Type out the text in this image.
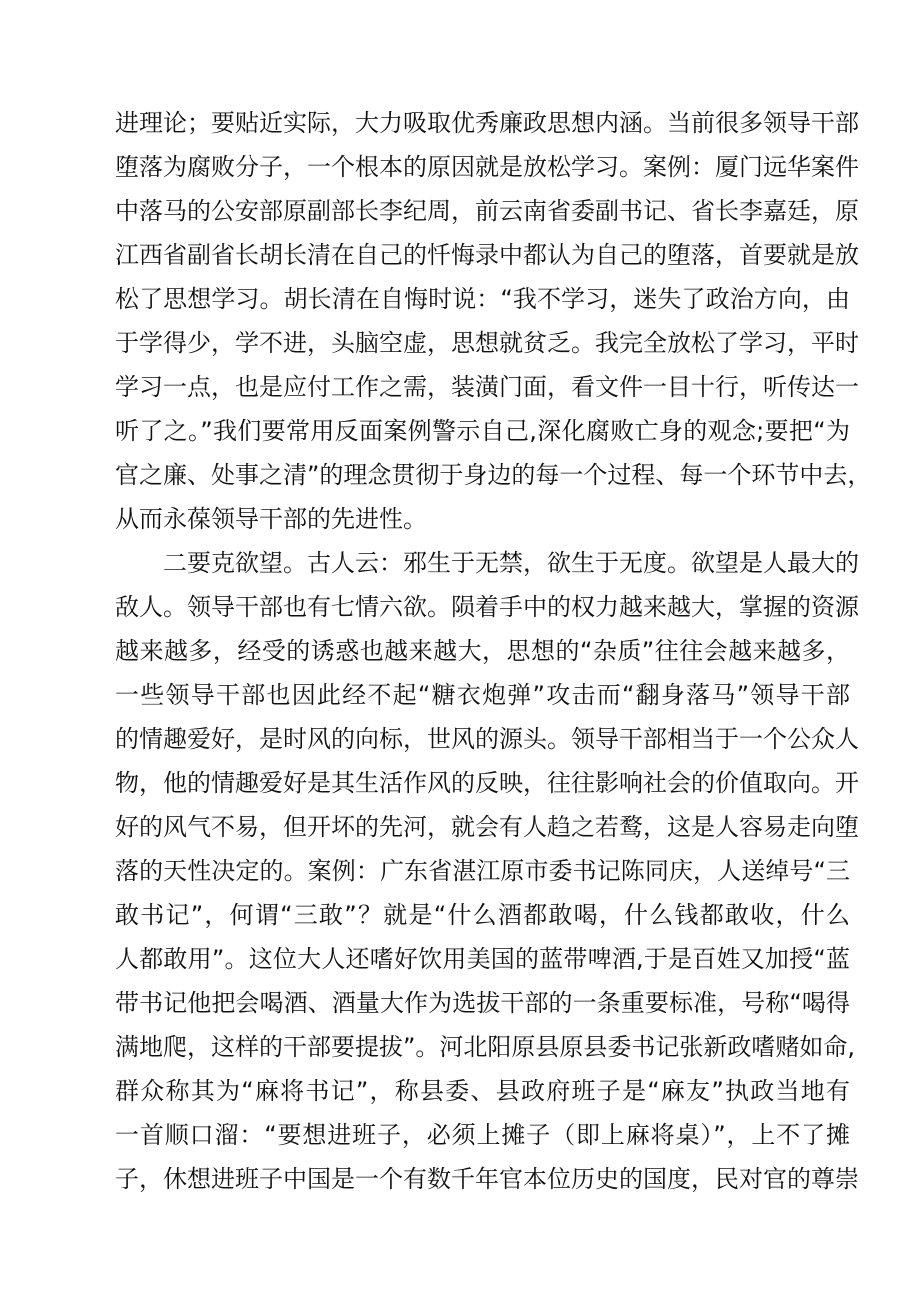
进理论；要贴近实际，大力吸取优秀廉政思想内涵。当前很多领导干部
堕落为腐败分子，一个根本的原因就是放松学习。案例：厦门远华案件
中落马的公安部原副部长李纪周，前云南省委副书记、省长李嘉廷，原
江西省副省长胡长清在自己的忏悔录中都认为自己的堕落，首要就是放
松了思想学习。胡长清在自悔时说：“我不学习，迷失了政治方向，由
于学得少，学不进，头脑空虚，思想就贫乏。我完全放松了学习，平时
学习一点，也是应付工作之需，装潢门面，看文件一目十行，听传达一
听了之。”我们要常用反面案例警示自己,深化腐败亡身的观念;要把“为
官之廉、处事之清”的理念贯彻于身边的每一个过程、每一个环节中去，
从而永葆领导干部的先进性。
二要克欲望。古人云：邪生于无禁，欲生于无度。欲望是人最大的
敌人。领导干部也有七情六欲。陨着手中的权力越来越大，掌握的资源
越来越多，经受的诱惑也越来越大，思想的“杂质”往往会越来越多，
一些领导干部也因此经不起“糖衣炮弹”攻击而“翻身落马”领导干部
的情趣爱好，是时风的向标，世风的源头。领导干部相当于一个公众人
物，他的情趣爱好是其生活作风的反映，往往影响社会的价值取向。开
好的风气不易，但开坏的先河，就会有人趋之若鹜，这是人容易走向堕
落的天性决定的。案例：广东省湛江原市委书记陈同庆，人送绰号“三
敢书记”，何谓“三敢”？就是“什么酒都敢喝，什么钱都敢收，什么
人都敢用”。这位大人还嗜好饮用美国的蓝带啤酒,于是百姓又加授“蓝
带书记他把会喝酒、酒量大作为选拔干部的一条重要标准，号称“喝得
满地爬，这样的干部要提拔”。河北阳原县原县委书记张新政嗜赌如命,
群众称其为“麻将书记”，称县委、县政府班子是“麻友”执政当地有
一首顺口溜：“要想进班子，必须上摊子（即上麻将桌）”，上不了摊
子，休想进班子中国是一个有数千年官本位历史的国度，民对官的尊崇
